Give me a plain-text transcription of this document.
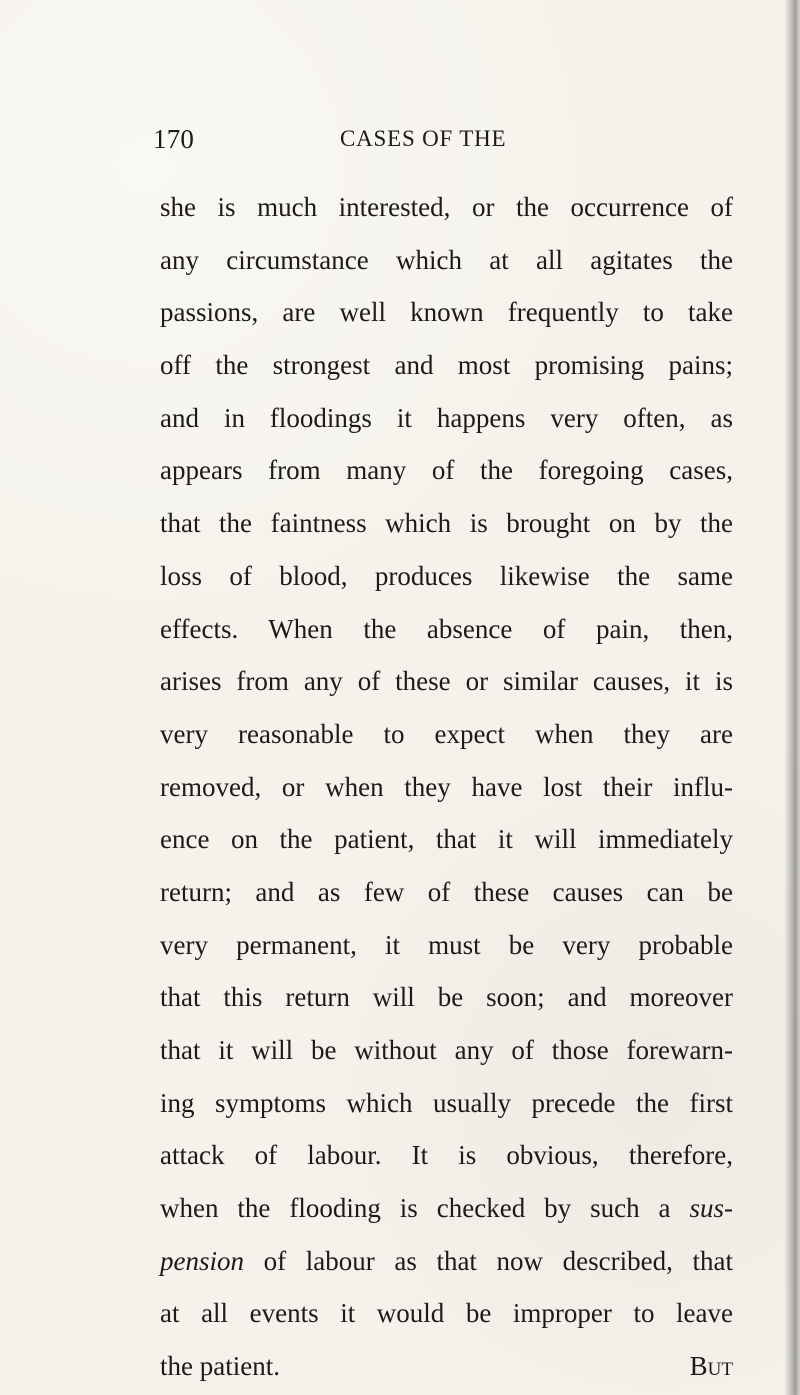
170	CASES OF THE
she is much interested, or the occurrence of
any circumstance which at all agitates the
passions, are well known frequently to take
off the strongest and most promising pains;
and in floodings it happens very often, as
appears from many of the foregoing cases,
that the faintness which is brought on by the
loss of blood, produces likewise the same
effects. When the absence of pain, then,
arises from any of these or similar causes, it is
very reasonable to expect when they are
removed, or when they have lost their influ-
ence on the patient, that it will immediately
return; and as few of these causes can be
very permanent, it must be very probable
that this return will be soon; and moreover
that it will be without any of those forewarn-
ing symptoms which usually precede the first
attack of labour. It is obvious, therefore,
when the flooding is checked by such a sus-
pension of labour as that now described, that
at all events it would be improper to leave
the patient.	But
